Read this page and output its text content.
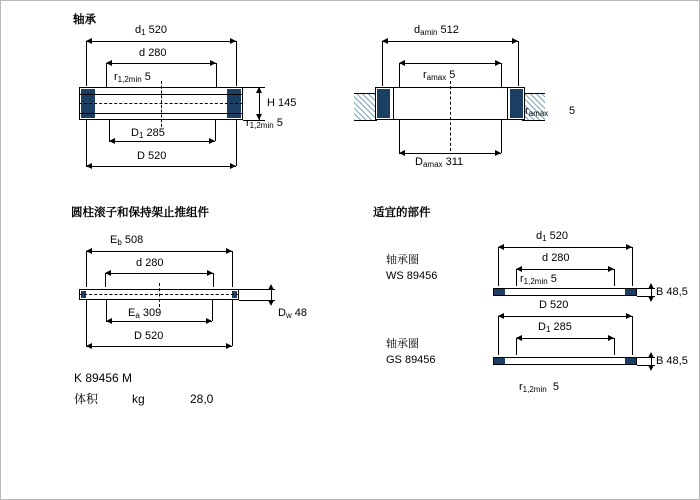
轴承
圆柱滚子和保持架止推组件	适宜的部件
$d_1$ 520
d 280
$r_{1,2min}$ 5
H 145
$r_{1,2min}$ 5
$D_1$ 285
D 520
$d_{amin}$ 512
$r_{amax}$ 5
$r_{amax}$ 5
$D_{amax}$ 311
$E_b$ 508
d 280
$D_w$ 48
$E_a$ 309
D 520
K 89456 M
体积	kg	28,0
轴承圈
WS 89456
$d_1$ 520
d 280
$r_{1,2min}$ 5
B 48,5
轴承圈
GS 89456
D 520
$D_1$ 285
B 48,5
$r_{1,2min}$ 5
